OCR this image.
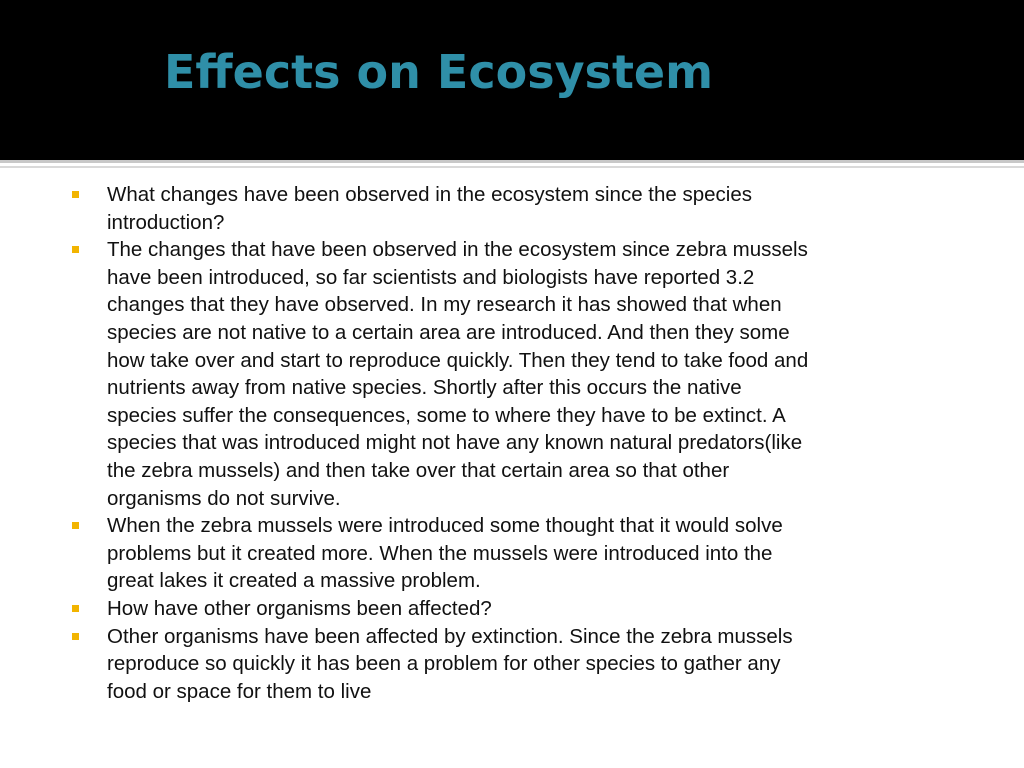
Effects on Ecosystem
What changes have been observed in the ecosystem since the species
introduction?
The changes that have been observed in the ecosystem since zebra mussels
have been introduced, so far scientists and biologists have reported 3.2
changes that they have observed. In my research it has showed that when
species are not native to a certain area are introduced. And then they some
how take over and start to reproduce quickly. Then they tend to take food and
nutrients away from native species. Shortly after this occurs the native
species suffer the consequences, some to where they have to be extinct. A
species that was introduced might not have any known natural predators(like
the zebra mussels) and then take over that certain area so that other
organisms do not survive.
When the zebra mussels were introduced some thought that it would solve
problems but it created more. When the mussels were introduced into the
great lakes it created a massive problem.
How have other organisms been affected?
Other organisms have been affected by extinction. Since the zebra mussels
reproduce so quickly it has been a problem for other species to gather any
food or space for them to live
